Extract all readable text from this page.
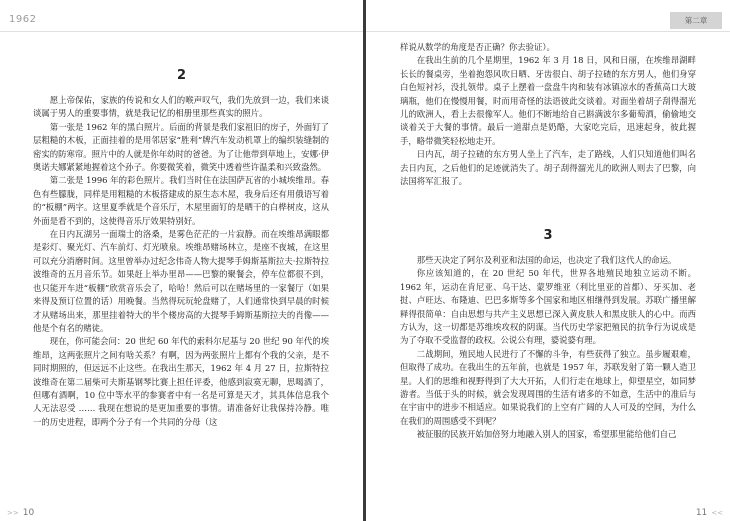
1962
2

愿上帝保佑，家族的传说和女人们的喉声叹气，我们先放到一边，我们来谈谈属于男人的重要事情，就是我记忆的相册里那些真实的照片。

第一张是 1962 年的黑白照片。后面的背景是我们家祖旧的房子，外面钉了层粗糙的木板，正面挂着的是用邻居家“胜利”牌汽车发动机罩上的编织装缝制的密实的防寒帘。照片中的人就是你年幼时的爸爸。为了让他带到草地上，安娜·伊奥诺夫娜紧紧地握着这个孙子。你要微笑着，微笑中透着些许温柔和兴致盎然。

第二张是 1996 年的彩色照片。我们当时住在法国萨瓦省的小城埃维昂。春色有些朦胧，同样是用粗糙的木板搭建成的原生态木屋，我身后还有用俄语写着的“板棚”两字。这里夏季就是个音乐厅，木屋里面钉的是晒干的白桦树皮，这从外面是看不到的，这使得音乐厅效果特别好。

在日内瓦湖另一面瑞士的洛桑，是雾色茫茫的一片寂静。而在埃维昂满眼都是彩灯、聚光灯、汽车前灯、灯光喷泉。埃维昂赌场林立，是座不夜城，在这里可以充分消磨时间。这里曾举办过纪念伟奇人物大提琴手姆斯基斯拉夫·拉斯特拉波维奇的五月音乐节。如果赶上举办里昂——巴黎的聚餐会，停车位都很不到，也只能开车进“板棚”欣赏音乐会了，哈哈！然后可以在赌场里的一家餐厅（如果来得及预订位置的话）用晚餐。当然得玩玩轮盘赌了，人们通常快到早晨的时候才从赌场出来，那里挂着特大的半个楼房高的大提琴手姆斯基斯拉夫的肖像——他是个有名的赌徒。

现在，你可能会问：20 世纪 60 年代的索科尔尼基与 20 世纪 90 年代的埃维昂，这两张照片之间有啥关系？有啊，因为两张照片上都有个我的父亲，是不同时期照的，但远远不止这些。在我出生那天，1962 年 4 月 27 日，拉斯特拉波维奇在第二届柴可夫斯基钢琴比赛上担任评委，他感到寂寞无聊，思喝酒了，但哪有酒啊，10 位中等水平的参赛者中有一名是可算是天才，其具体信息我个人无法忍受 …… 我现在想说的是更加重要的事情。请准备好让我保持冷静。唯一的历史进程，即两个分子有一个共同的分母（这

>> 10
第二章

样说从数学的角度是否正确？你去验证）。

在我出生前的几个星期里，1962 年 3 月 18 日，风和日丽，在埃维昂湖畔长长的餐桌旁，坐着抱怨风吹日晒、牙齿很白、胡子拉碴的东方男人，他们身穿白色短衬衫，没扎领带。桌子上摆着一盘盘牛肉和装有冰镇凉水的香蕉高口大玻璃瓶，他们在慢慢用餐，时而用奇怪的法语彼此交谈着。对面坐着胡子刮得溜光儿的欧洲人，看上去很像军人。他们不断地给自己斟满波尔多葡萄酒，偷偷地交谈着关于大餐的事情。最后一道甜点是奶酪，大家吃完后，迅速起身，彼此握手，略带微笑轻松地走开。

日内瓦，胡子拉碴的东方男人坐上了汽车，走了路线，人们只知道他们叫名去日内瓦，之后他们的足迹就消失了。胡子刮得溜光儿的欧洲人则去了巴黎，向法国将军汇报了。

3

那些天决定了阿尔及利亚和法国的命运，也决定了我们这代人的命运。

你应该知道的，在 20 世纪 50 年代，世界各地殖民地独立运动不断。1962 年，运动在肯尼亚、乌干达、蒙罗维亚（利比里亚的首都）、牙买加、老挝、卢旺达、布隆迪、巴巴多斯等多个国家和地区相继得到发展。苏联广播里解释得很简单：自由思想与共产主义思想已深入黄皮肤人和黑皮肤人的心中。而西方认为，这一切都是苏维埃攻权的阴谋。当代历史学家把殖民的抗争行为说成是为了夺取不受监督的政权。公说公有理，婆说婆有理。

二战期间，殖民地人民进行了不懈的斗争，有些获得了独立。虽步履艰难，但取得了成功。在我出生的五年前，也就是 1957 年，苏联发射了第一颗人造卫星。人们的思维和视野得到了大大开拓，人们行走在地球上，仰望星空，如同梦游者。当低于头的时候，就会发现周围的生活有诸多的不如意，生活中的准后与在宇宙中的进步不相适应。如果说我们的上空有广阔的人人可及的空间，为什么在我们的周围感受不到呢？

被征服的民族开始加倍努力地融入别人的国家，希望那里能给他们自己

11 <<
